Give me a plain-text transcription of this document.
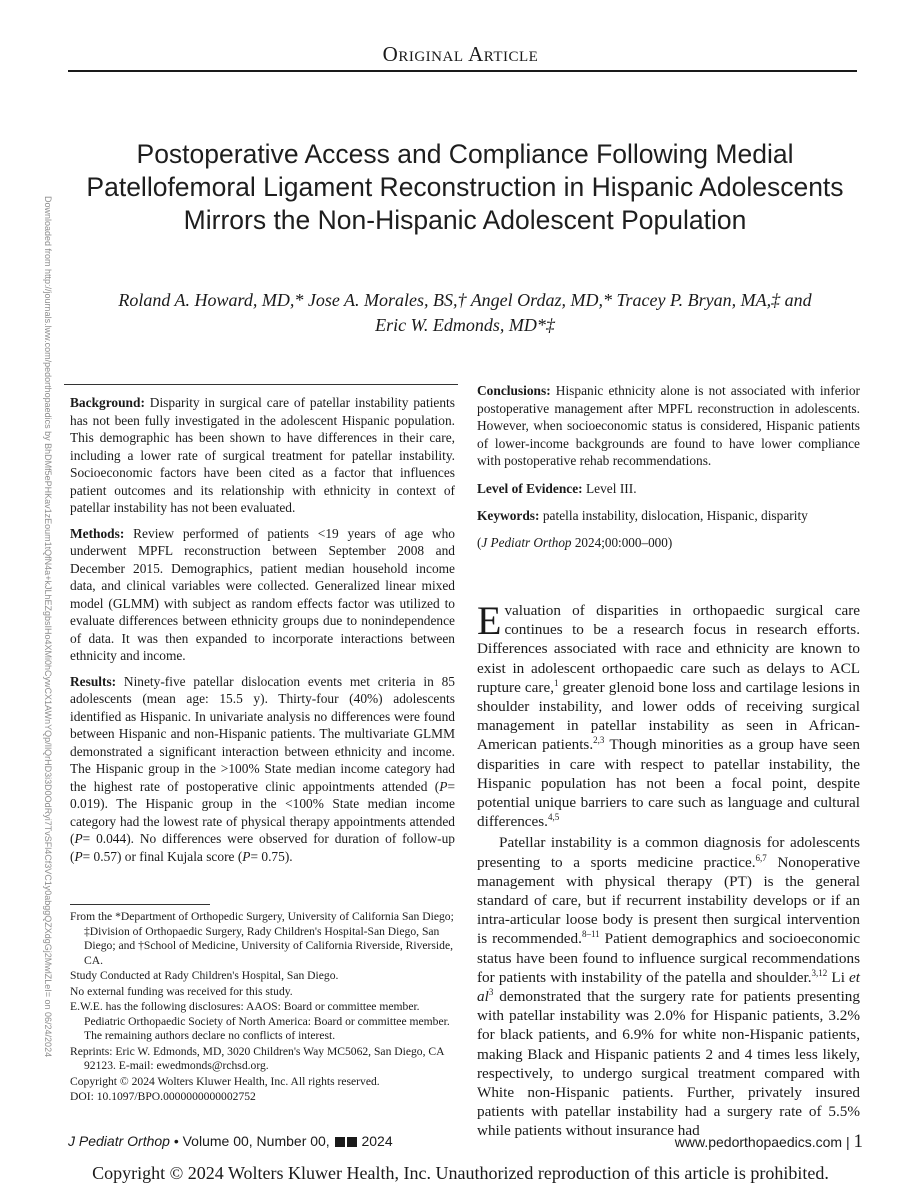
Original Article
Downloaded from http://journals.lww.com/pedorthopaedics by BhDMf5ePHKav1zEoum1tQfN4a+kJLhEZgbsIHo4XMi0hCywCX1AWnYQp/IlQrHD3i3D0OdRyi7TvSFl4Cf3VC1y0abggQZXdgGj2MwlZLeI= on 06/24/2024
Postoperative Access and Compliance Following Medial Patellofemoral Ligament Reconstruction in Hispanic Adolescents Mirrors the Non-Hispanic Adolescent Population
Roland A. Howard, MD,* Jose A. Morales, BS,† Angel Ordaz, MD,* Tracey P. Bryan, MA,‡ and
Eric W. Edmonds, MD*‡

Background: Disparity in surgical care of patellar instability patients has not been fully investigated in the adolescent Hispanic population. This demographic has been shown to have differences in their care, including a lower rate of surgical treatment for patellar instability. Socioeconomic factors have been cited as a factor that influences patient outcomes and its relationship with ethnicity in context of patellar instability has not been evaluated.

Methods: Review performed of patients <19 years of age who underwent MPFL reconstruction between September 2008 and December 2015. Demographics, patient median household income data, and clinical variables were collected. Generalized linear mixed model (GLMM) with subject as random effects factor was utilized to evaluate differences between ethnicity groups due to nonindependence of data. It was then expanded to incorporate interactions between ethnicity and income.

Results: Ninety-five patellar dislocation events met criteria in 85 adolescents (mean age: 15.5 y). Thirty-four (40%) adolescents identified as Hispanic. In univariate analysis no differences were found between Hispanic and non-Hispanic patients. The multivariate GLMM demonstrated a significant interaction between ethnicity and income. The Hispanic group in the >100% State median income category had the highest rate of postoperative clinic appointments attended (P= 0.019). The Hispanic group in the <100% State median income category had the lowest rate of physical therapy appointments attended (P= 0.044). No differences were observed for duration of follow-up (P= 0.57) or final Kujala score (P= 0.75).

Conclusions: Hispanic ethnicity alone is not associated with inferior postoperative management after MPFL reconstruction in adolescents. However, when socioeconomic status is considered, Hispanic patients of lower-income backgrounds are found to have lower compliance with postoperative rehab recommendations.

Level of Evidence: Level III.

Keywords: patella instability, dislocation, Hispanic, disparity

(J Pediatr Orthop 2024;00:000–000)

Evaluation of disparities in orthopaedic surgical care continues to be a research focus in research efforts. Differences associated with race and ethnicity are known to exist in adolescent orthopaedic care such as delays to ACL rupture care,$^1$ greater glenoid bone loss and cartilage lesions in shoulder instability, and lower odds of receiving surgical management in patellar instability as seen in African-American patients.$^{2,3}$ Though minorities as a group have seen disparities in care with respect to patellar instability, the Hispanic population has not been a focal point, despite potential unique barriers to care such as language and cultural differences.$^{4,5}$

Patellar instability is a common diagnosis for adolescents presenting to a sports medicine practice.$^{6,7}$ Nonoperative management with physical therapy (PT) is the general standard of care, but if recurrent instability develops or if an intra-articular loose body is present then surgical intervention is recommended.$^{8-11}$ Patient demographics and socioeconomic status have been found to influence surgical recommendations for patients with instability of the patella and shoulder.$^{3,12}$ Li et $al^3$ demonstrated that the surgery rate for patients presenting with patellar instability was 2.0% for Hispanic patients, 3.2% for black patients, and 6.9% for white non-Hispanic patients, making Black and Hispanic patients 2 and 4 times less likely, respectively, to undergo surgical treatment compared with White non-Hispanic patients. Further, privately insured patients with patellar instability had a surgery rate of 5.5% while patients without insurance had

From the *Department of Orthopedic Surgery, University of California San Diego; ‡Division of Orthopaedic Surgery, Rady Children's Hospital-San Diego, San Diego; and †School of Medicine, University of California Riverside, Riverside, CA.

Study Conducted at Rady Children's Hospital, San Diego.

No external funding was received for this study.

E.W.E. has the following disclosures: AAOS: Board or committee member. Pediatric Orthopaedic Society of North America: Board or committee member. The remaining authors declare no conflicts of interest.

Reprints: Eric W. Edmonds, MD, 3020 Children's Way MC5062, San Diego, CA 92123. E-mail: ewedmonds@rchsd.org.

Copyright © 2024 Wolters Kluwer Health, Inc. All rights reserved.

DOI: 10.1097/BPO.0000000000002752

J Pediatr Orthop • Volume 00, Number 00, 2024	www.pedorthopaedics.com | 1
Copyright © 2024 Wolters Kluwer Health, Inc. Unauthorized reproduction of this article is prohibited.
